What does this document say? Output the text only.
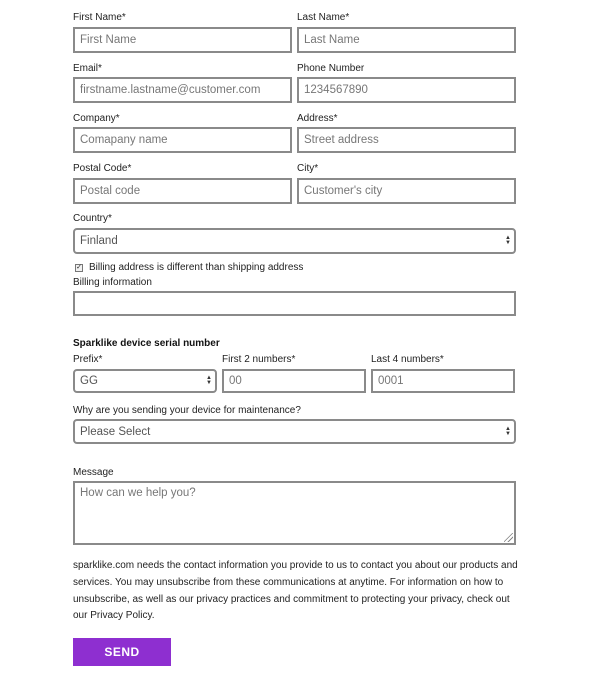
First Name*
First Name
Last Name*
Last Name
Email*
firstname.lastname@customer.com
Phone Number
1234567890
Company*
Comapany name
Address*
Street address
Postal Code*
Postal code
City*
Customer's city
Country*
Finland	▲
▼
✓ Billing address is different than shipping address
Billing information
Sparklike device serial number
Prefix*
GG	▲
▼
First 2 numbers*
00
Last 4 numbers*
0001
Why are you sending your device for maintenance?
Please Select	▲
▼
Message
How can we help you?
sparklike.com needs the contact information you provide to us to contact you about our products and
services. You may unsubscribe from these communications at anytime. For information on how to
unsubscribe, as well as our privacy practices and commitment to protecting your privacy, check out
our Privacy Policy.
SEND
